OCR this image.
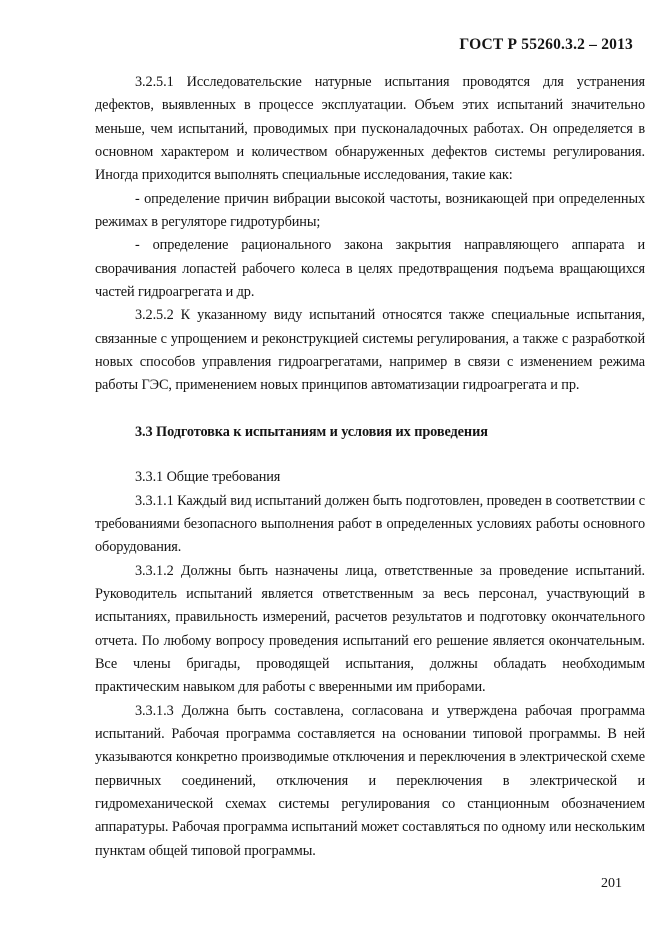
ГОСТ Р 55260.3.2 – 2013

3.2.5.1 Исследовательские натурные испытания проводятся для устранения дефектов, выявленных в процессе эксплуатации. Объем этих испытаний значительно меньше, чем испытаний, проводимых при пусконаладочных работах. Он определяется в основном характером и количеством обнаруженных дефектов системы регулирования. Иногда приходится выполнять специальные исследования, такие как:

- определение причин вибрации высокой частоты, возникающей при определенных режимах в регуляторе гидротурбины;

- определение рационального закона закрытия направляющего аппарата и сворачивания лопастей рабочего колеса в целях предотвращения подъема вращающихся частей гидроагрегата и др.

3.2.5.2 К указанному виду испытаний относятся также специальные испытания, связанные с упрощением и реконструкцией системы регулирования, а также с разработкой новых способов управления гидроагрегатами, например в связи с изменением режима работы ГЭС, применением новых принципов автоматизации гидроагрегата и пр.

3.3 Подготовка к испытаниям и условия их проведения

3.3.1 Общие требования

3.3.1.1 Каждый вид испытаний должен быть подготовлен, проведен в соответствии с требованиями безопасного выполнения работ в определенных условиях работы основного оборудования.

3.3.1.2 Должны быть назначены лица, ответственные за проведение испытаний. Руководитель испытаний является ответственным за весь персонал, участвующий в испытаниях, правильность измерений, расчетов результатов и подготовку окончательного отчета. По любому вопросу проведения испытаний его решение является окончательным. Все члены бригады, проводящей испытания, должны обладать необходимым практическим навыком для работы с вверенными им приборами.

3.3.1.3 Должна быть составлена, согласована и утверждена рабочая программа испытаний. Рабочая программа составляется на основании типовой программы. В ней указываются конкретно производимые отключения и переключения в электрической схеме первичных соединений, отключения и переключения в электрической и гидромеханической схемах системы регулирования со станционным обозначением аппаратуры. Рабочая программа испытаний может составляться по одному или нескольким пунктам общей типовой программы.

201
